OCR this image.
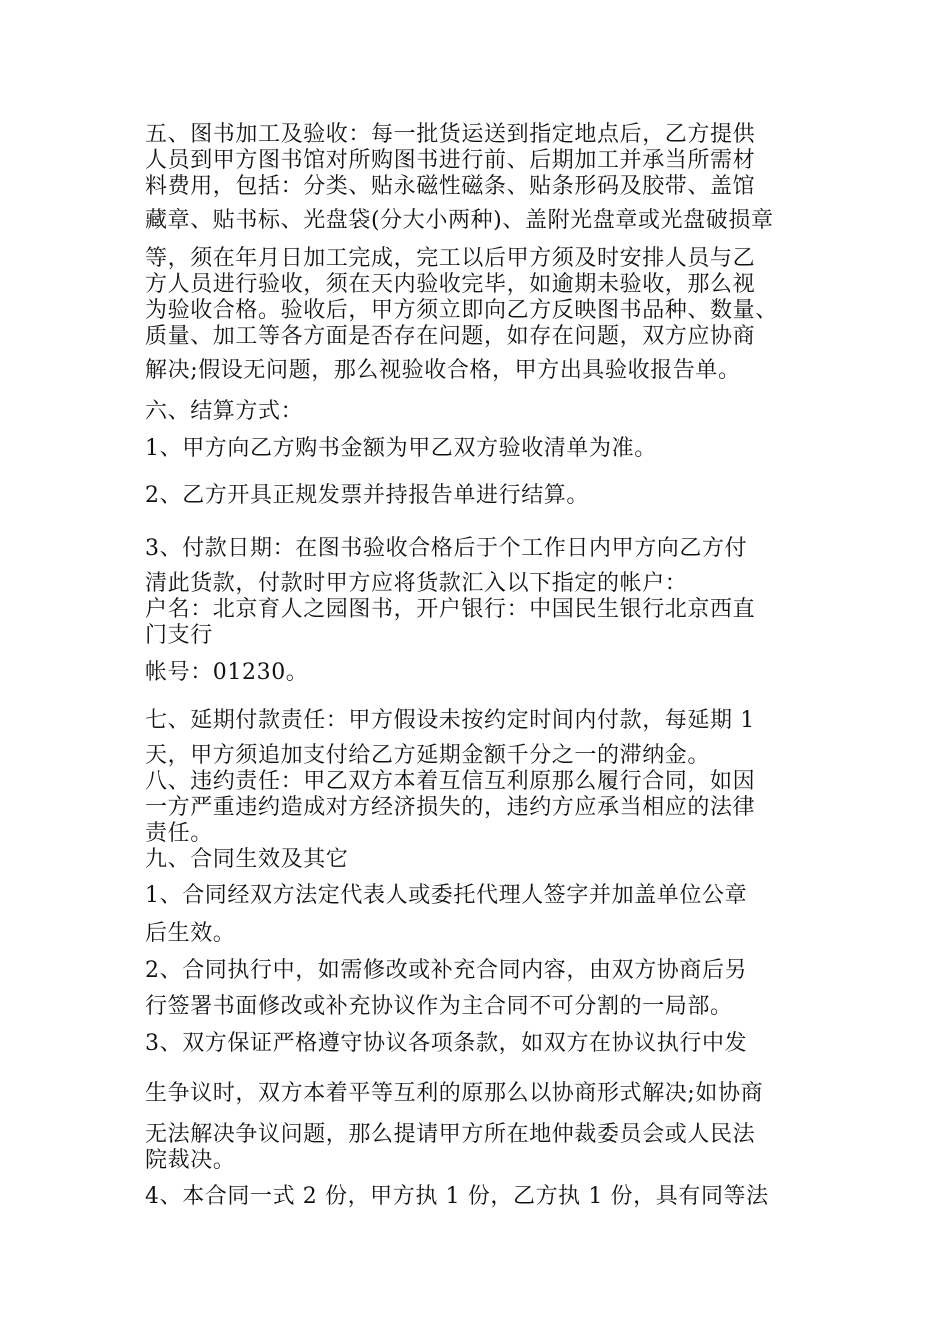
五、图书加工及验收：每一批货运送到指定地点后，乙方提供

人员到甲方图书馆对所购图书进行前、后期加工并承当所需材

料费用，包括：分类、贴永磁性磁条、贴条形码及胶带、盖馆

藏章、贴书标、光盘袋(分大小两种)、盖附光盘章或光盘破损章

等，须在年月日加工完成，完工以后甲方须及时安排人员与乙

方人员进行验收，须在天内验收完毕，如逾期未验收，那么视

为验收合格。验收后，甲方须立即向乙方反映图书品种、数量、

质量、加工等各方面是否存在问题，如存在问题，双方应协商

解决;假设无问题，那么视验收合格，甲方出具验收报告单。

六、结算方式：

1、甲方向乙方购书金额为甲乙双方验收清单为准。

2、乙方开具正规发票并持报告单进行结算。

3、付款日期：在图书验收合格后于个工作日内甲方向乙方付

清此货款，付款时甲方应将货款汇入以下指定的帐户：

户名：北京育人之园图书，开户银行：中国民生银行北京西直

门支行

帐号：01230。

七、延期付款责任：甲方假设未按约定时间内付款，每延期 1

天，甲方须追加支付给乙方延期金额千分之一的滞纳金。

八、违约责任：甲乙双方本着互信互利原那么履行合同，如因

一方严重违约造成对方经济损失的，违约方应承当相应的法律

责任。

九、合同生效及其它

1、合同经双方法定代表人或委托代理人签字并加盖单位公章

后生效。

2、合同执行中，如需修改或补充合同内容，由双方协商后另

行签署书面修改或补充协议作为主合同不可分割的一局部。

3、双方保证严格遵守协议各项条款，如双方在协议执行中发

生争议时，双方本着平等互利的原那么以协商形式解决;如协商

无法解决争议问题，那么提请甲方所在地仲裁委员会或人民法

院裁决。

4、本合同一式 2 份，甲方执 1 份，乙方执 1 份，具有同等法
